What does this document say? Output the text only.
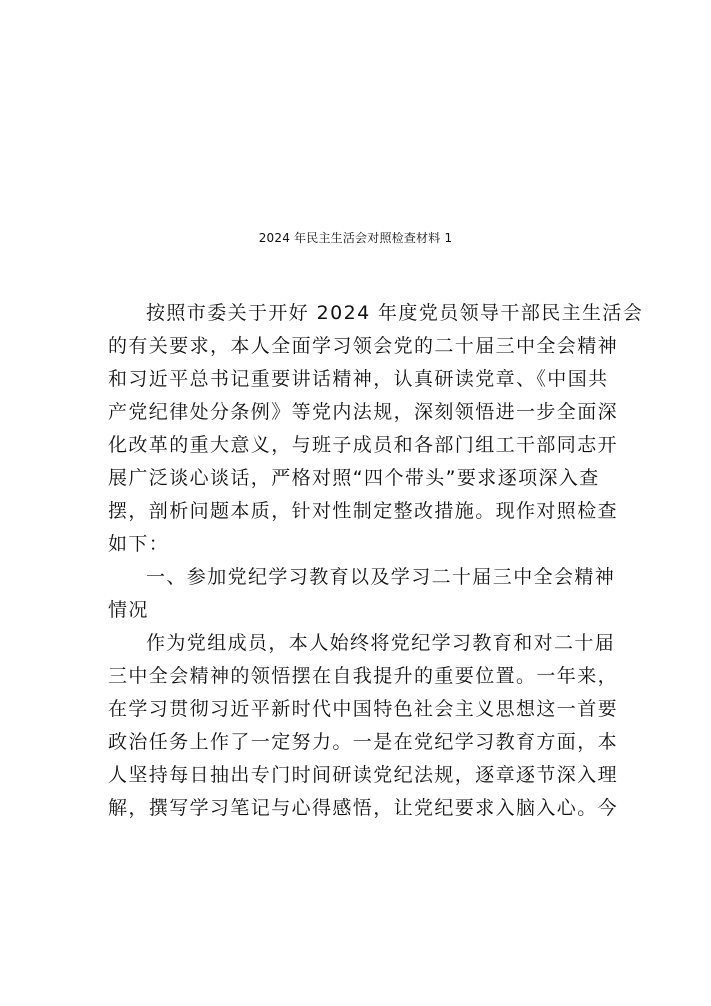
2024 年民主生活会对照检查材料 1
按照市委关于开好 2024 年度党员领导干部民主生活会
的有关要求，本人全面学习领会党的二十届三中全会精神
和习近平总书记重要讲话精神，认真研读党章、《中国共
产党纪律处分条例》等党内法规，深刻领悟进一步全面深
化改革的重大意义，与班子成员和各部门组工干部同志开
展广泛谈心谈话，严格对照“四个带头”要求逐项深入查
摆，剖析问题本质，针对性制定整改措施。现作对照检查
如下：
一、参加党纪学习教育以及学习二十届三中全会精神
情况
作为党组成员，本人始终将党纪学习教育和对二十届
三中全会精神的领悟摆在自我提升的重要位置。一年来，
在学习贯彻习近平新时代中国特色社会主义思想这一首要
政治任务上作了一定努力。一是在党纪学习教育方面，本
人坚持每日抽出专门时间研读党纪法规，逐章逐节深入理
解，撰写学习笔记与心得感悟，让党纪要求入脑入心。今
